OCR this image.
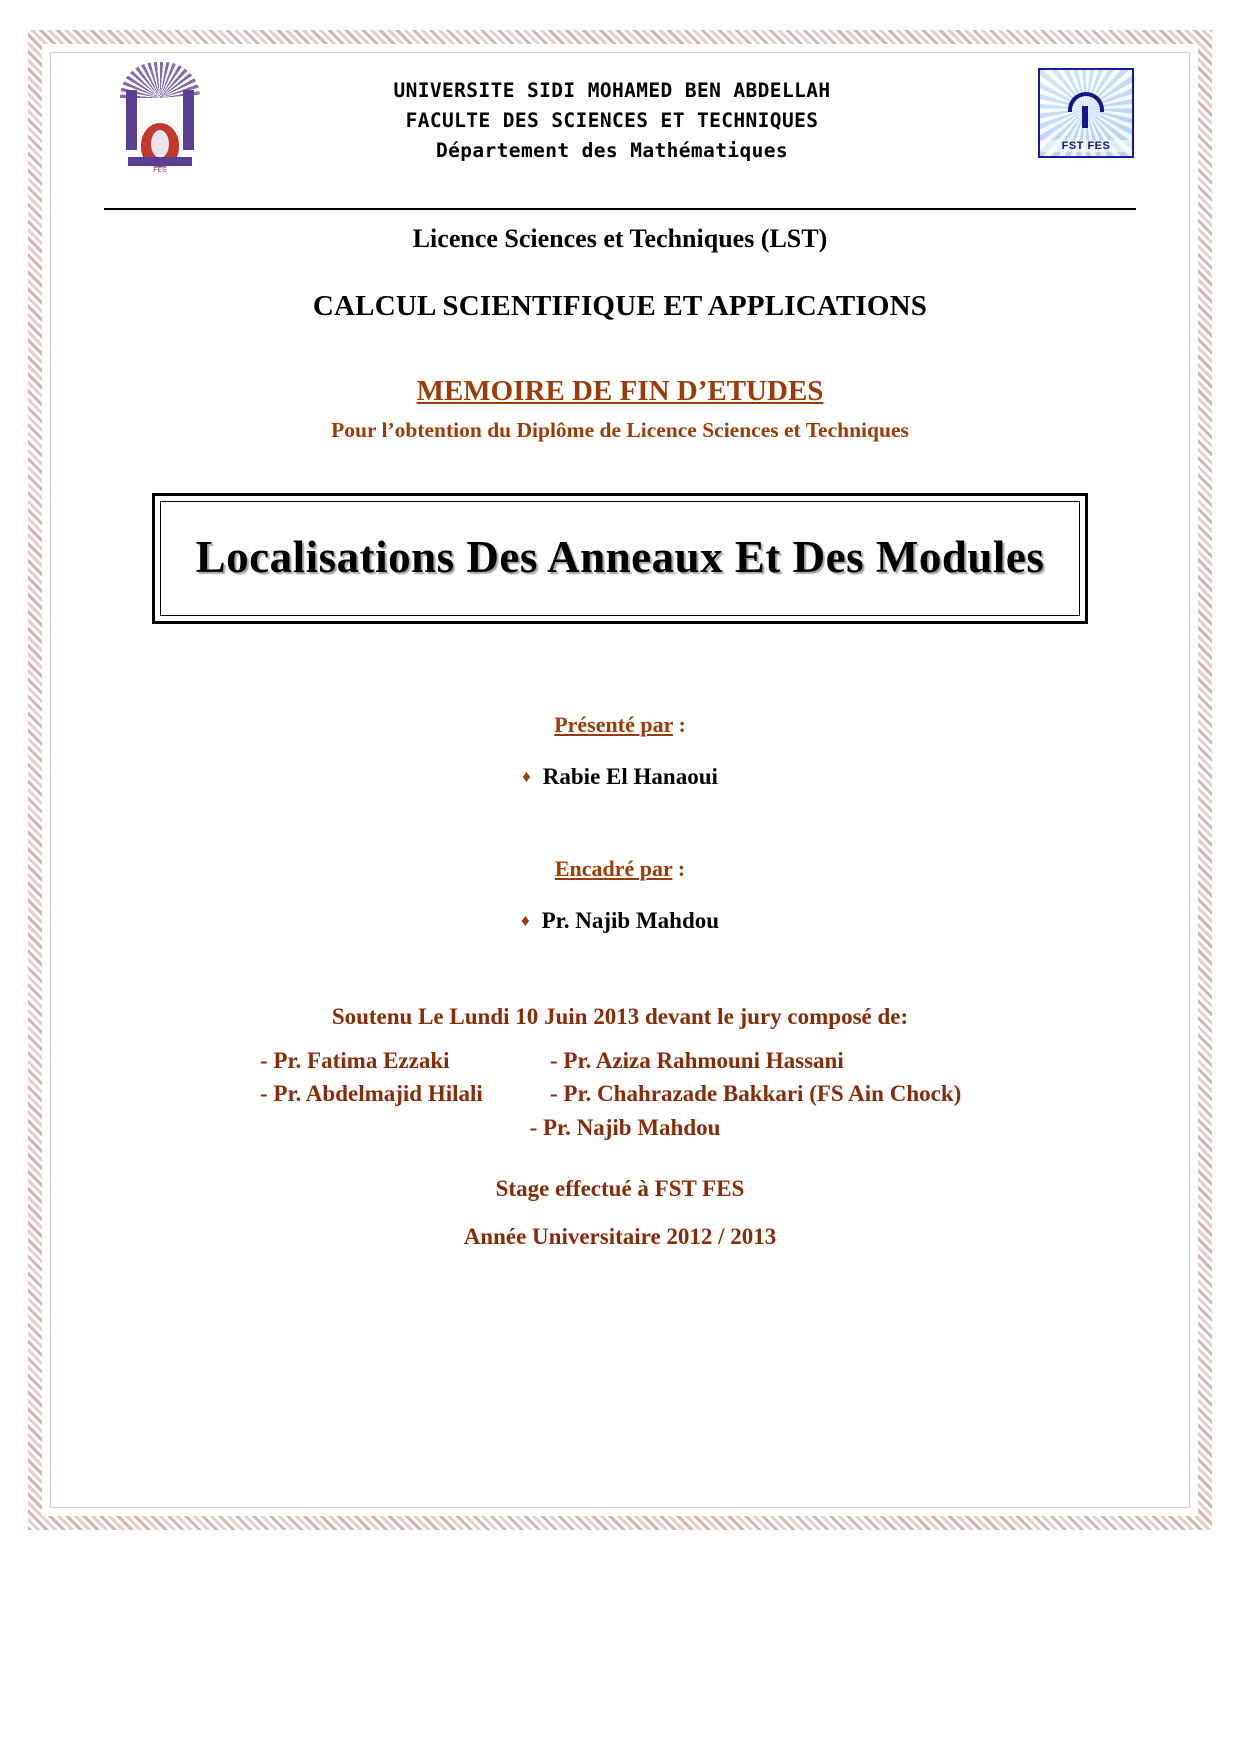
FES
UNIVERSITE SIDI MOHAMED BEN ABDELLAH
FACULTE DES SCIENCES ET TECHNIQUES
Département des Mathématiques	FST FES
Licence Sciences et Techniques (LST)
CALCUL SCIENTIFIQUE ET APPLICATIONS
MEMOIRE DE FIN D’ETUDES
Pour l’obtention du Diplôme de Licence Sciences et Techniques
Localisations Des Anneaux Et Des Modules
Présenté par :
♦ Rabie El Hanaoui
Encadré par :
♦ Pr. Najib Mahdou
Soutenu Le Lundi 10 Juin 2013 devant le jury composé de:
- Pr. Fatima Ezzaki	- Pr. Aziza Rahmouni Hassani
- Pr. Abdelmajid Hilali	- Pr. Chahrazade Bakkari (FS Ain Chock)
- Pr. Najib Mahdou
Stage effectué à FST FES
Année Universitaire 2012 / 2013
